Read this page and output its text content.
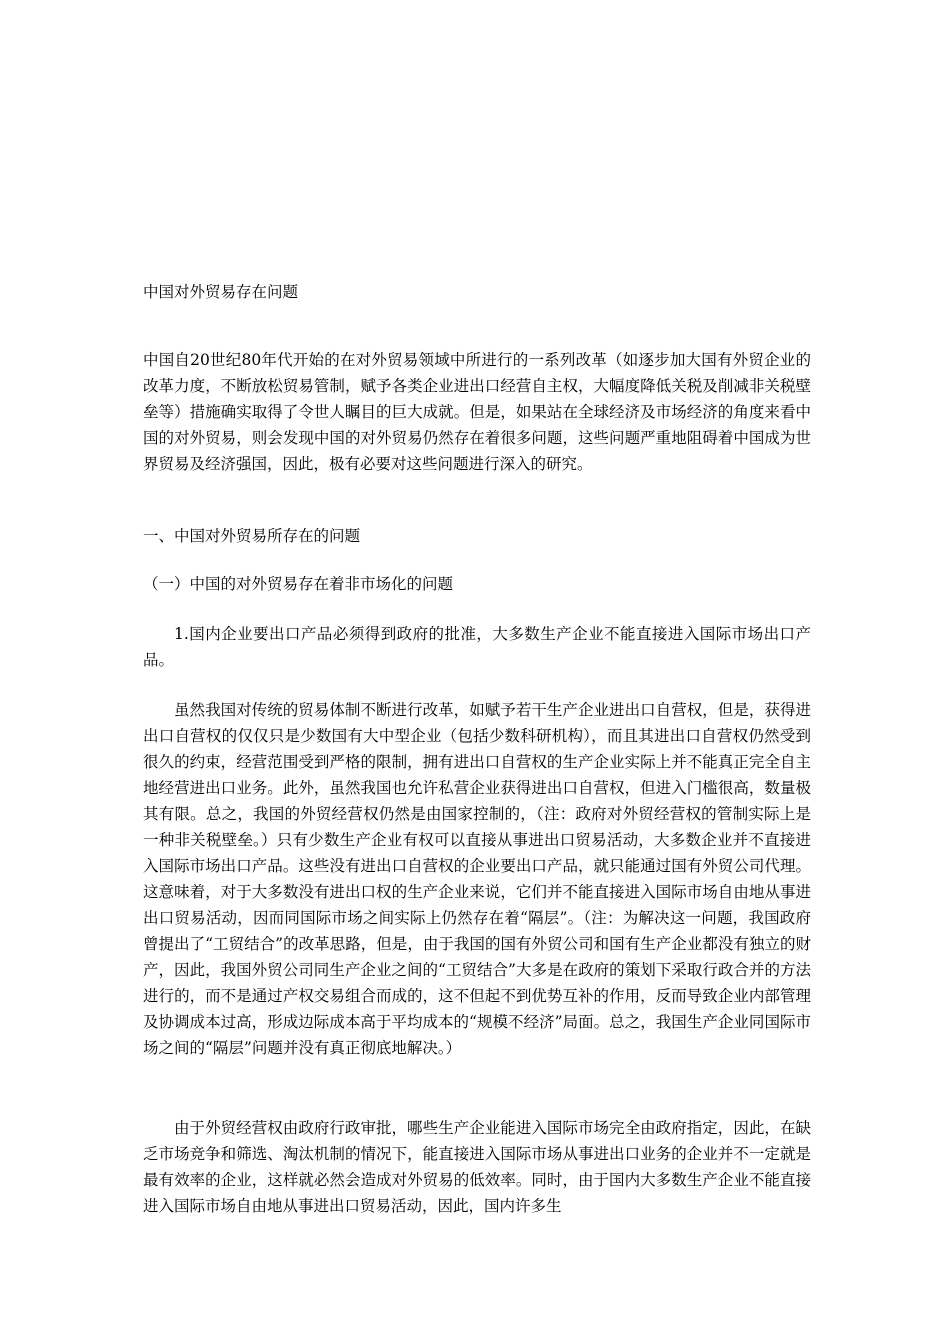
中国对外贸易存在问题

中国自20世纪80年代开始的在对外贸易领域中所进行的一系列改革（如逐步加大国有外贸企业的改革力度，不断放松贸易管制，赋予各类企业进出口经营自主权，大幅度降低关税及削减非关税壁垒等）措施确实取得了令世人瞩目的巨大成就。但是，如果站在全球经济及市场经济的角度来看中国的对外贸易，则会发现中国的对外贸易仍然存在着很多问题，这些问题严重地阻碍着中国成为世界贸易及经济强国，因此，极有必要对这些问题进行深入的研究。

一、中国对外贸易所存在的问题

（一）中国的对外贸易存在着非市场化的问题

1.国内企业要出口产品必须得到政府的批准，大多数生产企业不能直接进入国际市场出口产品。

虽然我国对传统的贸易体制不断进行改革，如赋予若干生产企业进出口自营权，但是，获得进出口自营权的仅仅只是少数国有大中型企业（包括少数科研机构），而且其进出口自营权仍然受到很久的约束，经营范围受到严格的限制，拥有进出口自营权的生产企业实际上并不能真正完全自主地经营进出口业务。此外，虽然我国也允许私营企业获得进出口自营权，但进入门槛很高，数量极其有限。总之，我国的外贸经营权仍然是由国家控制的，（注：政府对外贸经营权的管制实际上是一种非关税壁垒。）只有少数生产企业有权可以直接从事进出口贸易活动，大多数企业并不直接进入国际市场出口产品。这些没有进出口自营权的企业要出口产品，就只能通过国有外贸公司代理。这意味着，对于大多数没有进出口权的生产企业来说，它们并不能直接进入国际市场自由地从事进出口贸易活动，因而同国际市场之间实际上仍然存在着“隔层”。（注：为解决这一问题，我国政府曾提出了“工贸结合”的改革思路，但是，由于我国的国有外贸公司和国有生产企业都没有独立的财产，因此，我国外贸公司同生产企业之间的“工贸结合”大多是在政府的策划下采取行政合并的方法进行的，而不是通过产权交易组合而成的，这不但起不到优势互补的作用，反而导致企业内部管理及协调成本过高，形成边际成本高于平均成本的“规模不经济”局面。总之，我国生产企业同国际市场之间的“隔层”问题并没有真正彻底地解决。）

由于外贸经营权由政府行政审批，哪些生产企业能进入国际市场完全由政府指定，因此，在缺乏市场竞争和筛选、淘汰机制的情况下，能直接进入国际市场从事进出口业务的企业并不一定就是最有效率的企业，这样就必然会造成对外贸易的低效率。同时，由于国内大多数生产企业不能直接进入国际市场自由地从事进出口贸易活动，因此，国内许多生
